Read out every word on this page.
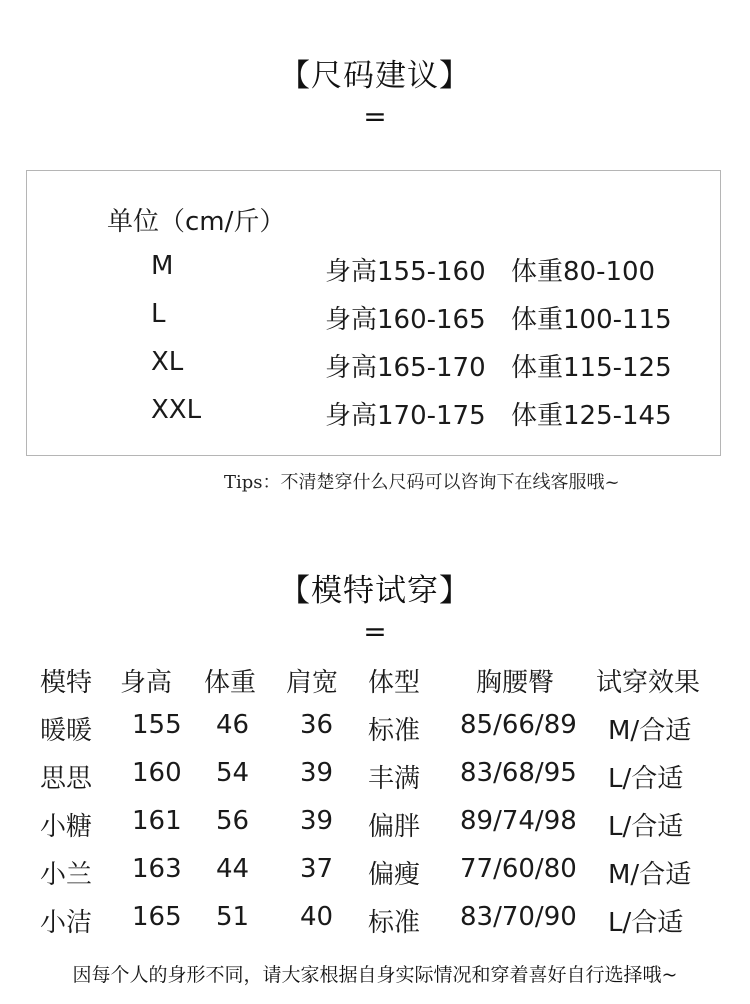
【尺码建议】
=
单位（cm/斤）
M	身高155-160 体重80-100
L	身高160-165 体重100-115
XL	身高165-170 体重115-125
XXL	身高170-175 体重125-145
Tips：不清楚穿什么尺码可以咨询下在线客服哦~
【模特试穿】
=
模特 身高 体重 肩宽 体型 胸腰臀 试穿效果
暖暖 155 46 36 标准 85/66/89 M/合适
思思 160 54 39 丰满 83/68/95 L/合适
小糖 161 56 39 偏胖 89/74/98 L/合适
小兰 163 44 37 偏瘦 77/60/80 M/合适
小洁 165 51 40 标准 83/70/90 L/合适
因每个人的身形不同，请大家根据自身实际情况和穿着喜好自行选择哦~
